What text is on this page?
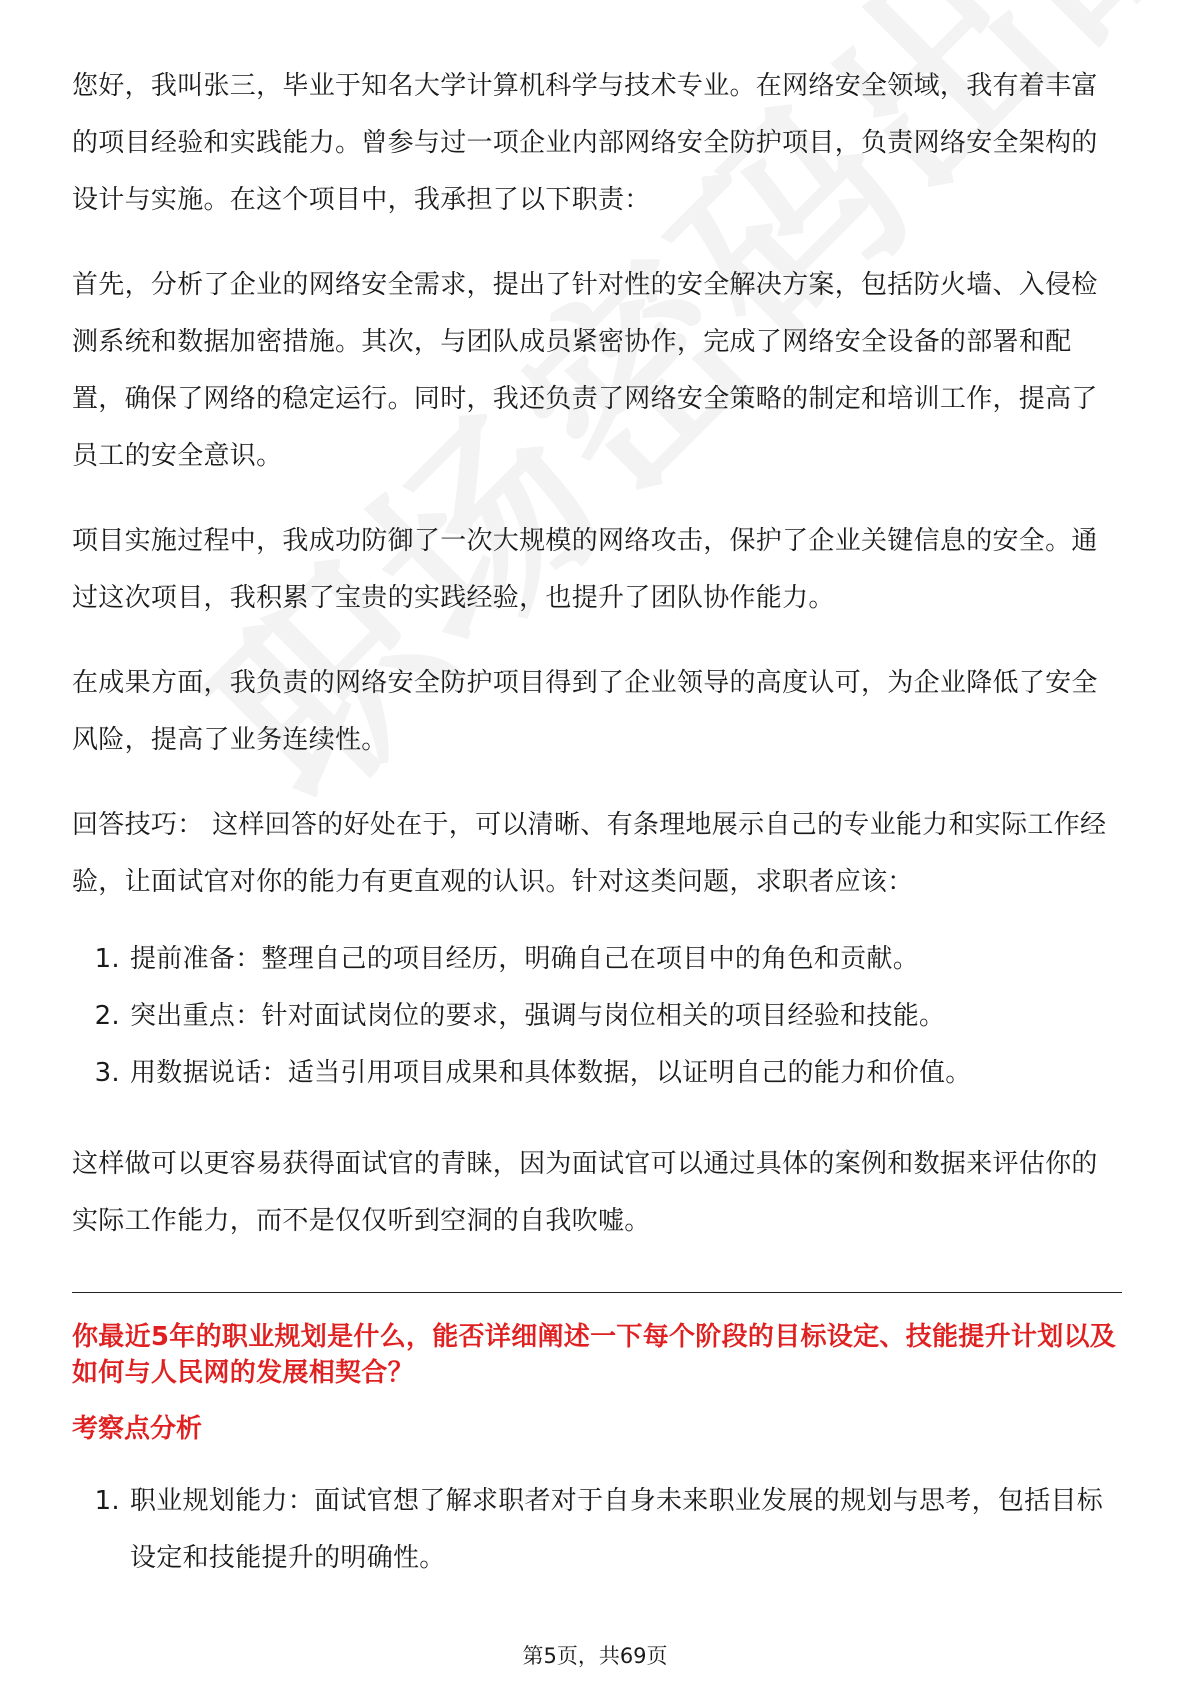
您好，我叫张三，毕业于知名大学计算机科学与技术专业。在网络安全领域，我有着丰富的项目经验和实践能力。曾参与过一项企业内部网络安全防护项目，负责网络安全架构的设计与实施。在这个项目中，我承担了以下职责：

首先，分析了企业的网络安全需求，提出了针对性的安全解决方案，包括防火墙、入侵检测系统和数据加密措施。其次，与团队成员紧密协作，完成了网络安全设备的部署和配置，确保了网络的稳定运行。同时，我还负责了网络安全策略的制定和培训工作，提高了员工的安全意识。

项目实施过程中，我成功防御了一次大规模的网络攻击，保护了企业关键信息的安全。通过这次项目，我积累了宝贵的实践经验，也提升了团队协作能力。

在成果方面，我负责的网络安全防护项目得到了企业领导的高度认可，为企业降低了安全风险，提高了业务连续性。

回答技巧： 这样回答的好处在于，可以清晰、有条理地展示自己的专业能力和实际工作经验，让面试官对你的能力有更直观的认识。针对这类问题，求职者应该：

1. 提前准备：整理自己的项目经历，明确自己在项目中的角色和贡献。
2. 突出重点：针对面试岗位的要求，强调与岗位相关的项目经验和技能。
3. 用数据说话：适当引用项目成果和具体数据，以证明自己的能力和价值。

这样做可以更容易获得面试官的青睐，因为面试官可以通过具体的案例和数据来评估你的实际工作能力，而不是仅仅听到空洞的自我吹嘘。

你最近5年的职业规划是什么，能否详细阐述一下每个阶段的目标设定、技能提升计划以及如何与人民网的发展相契合？
考察点分析
1. 职业规划能力：面试官想了解求职者对于自身未来职业发展的规划与思考，包括目标设定和技能提升的明确性。
第5页，共69页
